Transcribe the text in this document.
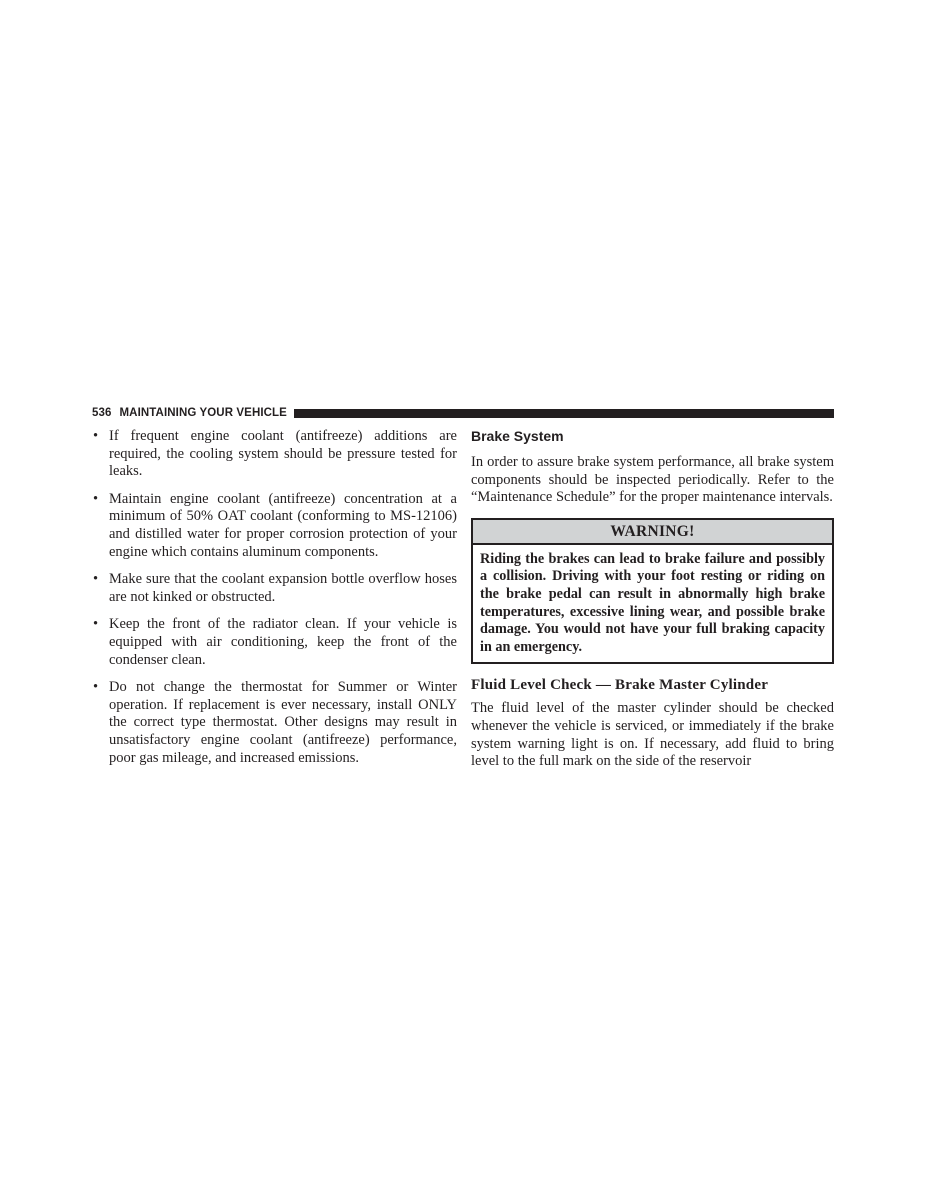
536 MAINTAINING YOUR VEHICLE
• If frequent engine coolant (antifreeze) additions are required, the cooling system should be pressure tested for leaks.
• Maintain engine coolant (antifreeze) concentration at a minimum of 50% OAT coolant (conforming to MS-12106) and distilled water for proper corrosion protection of your engine which contains aluminum components.
• Make sure that the coolant expansion bottle overflow hoses are not kinked or obstructed.
• Keep the front of the radiator clean. If your vehicle is equipped with air conditioning, keep the front of the condenser clean.
• Do not change the thermostat for Summer or Winter operation. If replacement is ever necessary, install ONLY the correct type thermostat. Other designs may result in unsatisfactory engine coolant (antifreeze) performance, poor gas mileage, and increased emissions.
Brake System

In order to assure brake system performance, all brake system components should be inspected periodically. Refer to the “Maintenance Schedule” for the proper maintenance intervals.

WARNING!
Riding the brakes can lead to brake failure and possibly a collision. Driving with your foot resting or riding on the brake pedal can result in abnormally high brake temperatures, excessive lining wear, and possible brake damage. You would not have your full braking capacity in an emergency.
Fluid Level Check — Brake Master Cylinder

The fluid level of the master cylinder should be checked whenever the vehicle is serviced, or immediately if the brake system warning light is on. If necessary, add fluid to bring level to the full mark on the side of the reservoir
